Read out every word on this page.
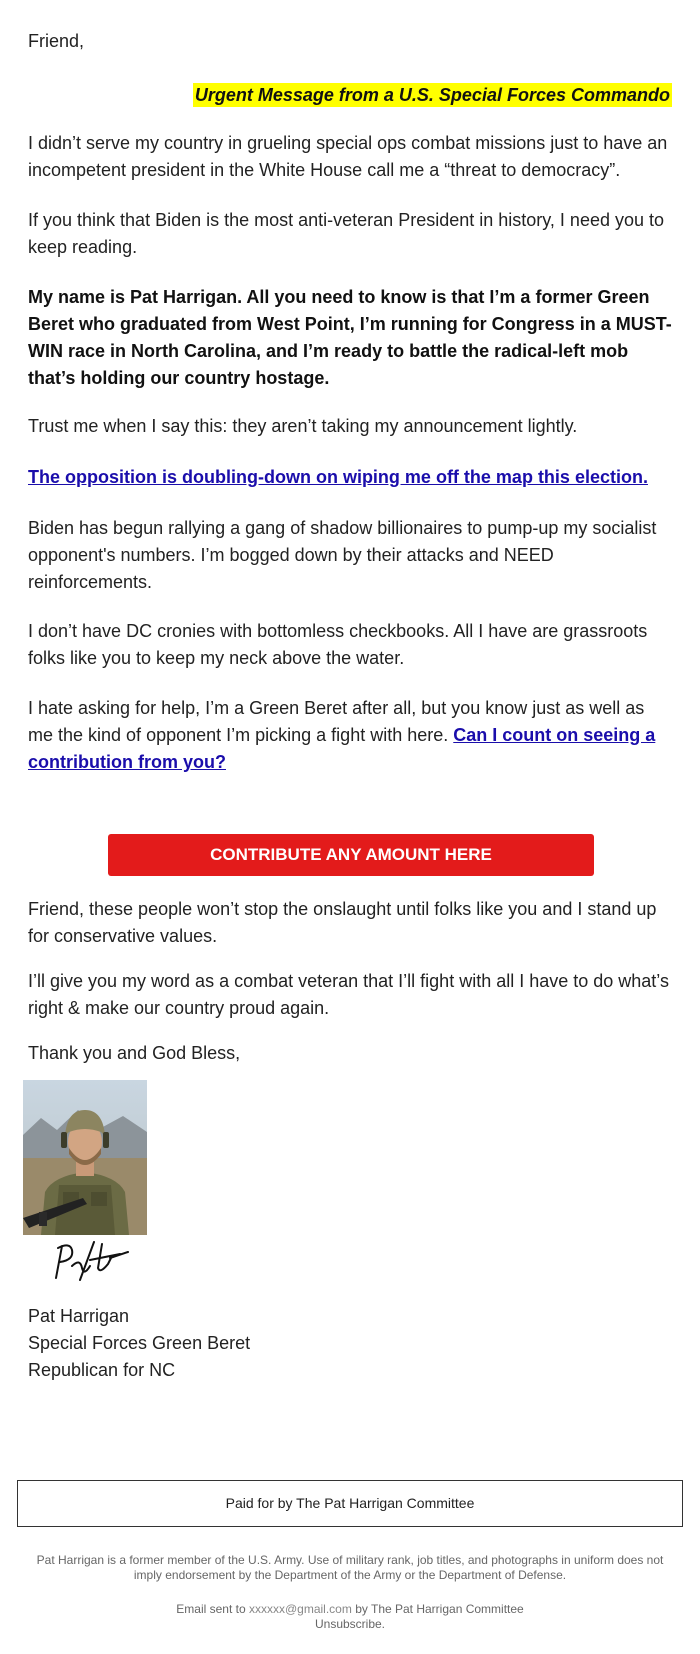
Friend,

Urgent Message from a U.S. Special Forces Commando

I didn’t serve my country in grueling special ops combat missions just to have an incompetent president in the White House call me a “threat to democracy”.

If you think that Biden is the most anti-veteran President in history, I need you to keep reading.

My name is Pat Harrigan. All you need to know is that I’m a former Green Beret who graduated from West Point, I’m running for Congress in a MUST-WIN race in North Carolina, and I’m ready to battle the radical-left mob that’s holding our country hostage.

Trust me when I say this: they aren’t taking my announcement lightly.

The opposition is doubling-down on wiping me off the map this election.

Biden has begun rallying a gang of shadow billionaires to pump-up my socialist opponent's numbers. I’m bogged down by their attacks and NEED reinforcements.

I don’t have DC cronies with bottomless checkbooks. All I have are grassroots folks like you to keep my neck above the water.

I hate asking for help, I’m a Green Beret after all, but you know just as well as me the kind of opponent I’m picking a fight with here. Can I count on seeing a contribution from you?

CONTRIBUTE ANY AMOUNT HERE

Friend, these people won’t stop the onslaught until folks like you and I stand up for conservative values.

I’ll give you my word as a combat veteran that I’ll fight with all I have to do what’s right & make our country proud again.

Thank you and God Bless,

Pat Harrigan
Special Forces Green Beret
Republican for NC
Paid for by The Pat Harrigan Committee
Pat Harrigan is a former member of the U.S. Army. Use of military rank, job titles, and photographs in uniform does not imply endorsement by the Department of the Army or the Department of Defense.
Email sent to xxxxxx@gmail.com by The Pat Harrigan Committee
Unsubscribe.
